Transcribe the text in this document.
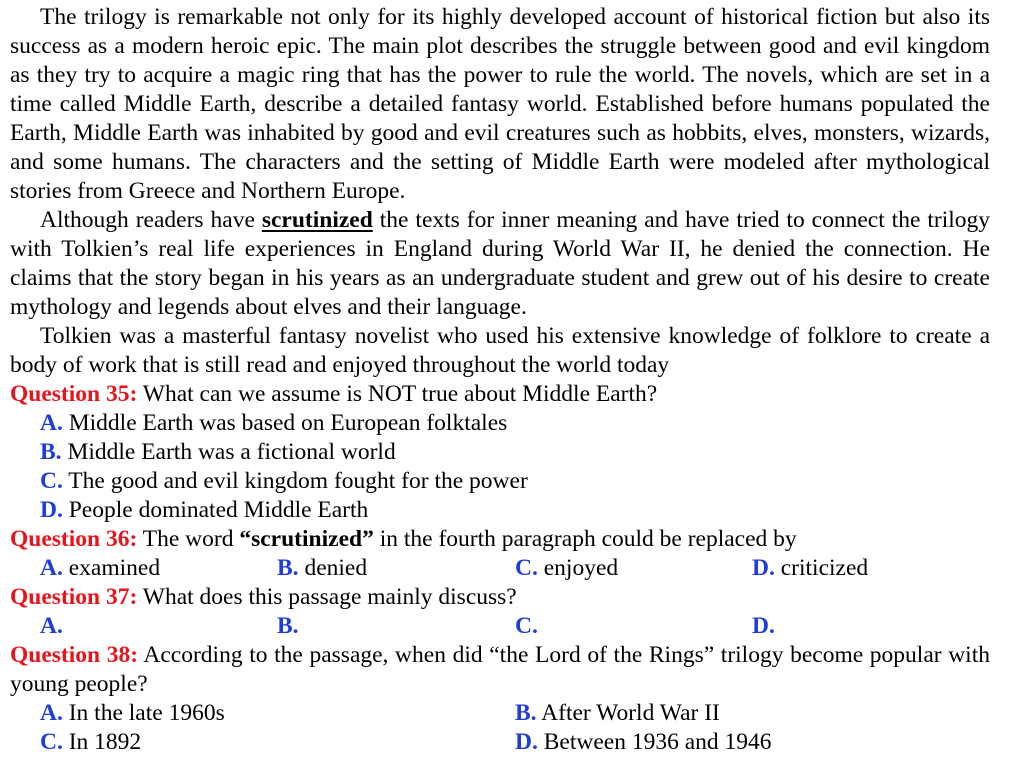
The trilogy is remarkable not only for its highly developed account of historical fiction but also its success as a modern heroic epic. The main plot describes the struggle between good and evil kingdom as they try to acquire a magic ring that has the power to rule the world. The novels, which are set in a time called Middle Earth, describe a detailed fantasy world. Established before humans populated the Earth, Middle Earth was inhabited by good and evil creatures such as hobbits, elves, monsters, wizards, and some humans. The characters and the setting of Middle Earth were modeled after mythological stories from Greece and Northern Europe.

Although readers have scrutinized the texts for inner meaning and have tried to connect the trilogy with Tolkien’s real life experiences in England during World War II, he denied the connection. He claims that the story began in his years as an undergraduate student and grew out of his desire to create mythology and legends about elves and their language.

Tolkien was a masterful fantasy novelist who used his extensive knowledge of folklore to create a body of work that is still read and enjoyed throughout the world today

Question 35: What can we assume is NOT true about Middle Earth?

A. Middle Earth was based on European folktales
B. Middle Earth was a fictional world
C. The good and evil kingdom fought for the power
D. People dominated Middle Earth

Question 36: The word “scrutinized” in the fourth paragraph could be replaced by

A. examined	B. denied	C. enjoyed	D. criticized

Question 37: What does this passage mainly discuss?

A.	B.	C.	D.

Question 38: According to the passage, when did “the Lord of the Rings” trilogy become popular with young people?

A. In the late 1960s	B. After World War II
C. In 1892	D. Between 1936 and 1946
